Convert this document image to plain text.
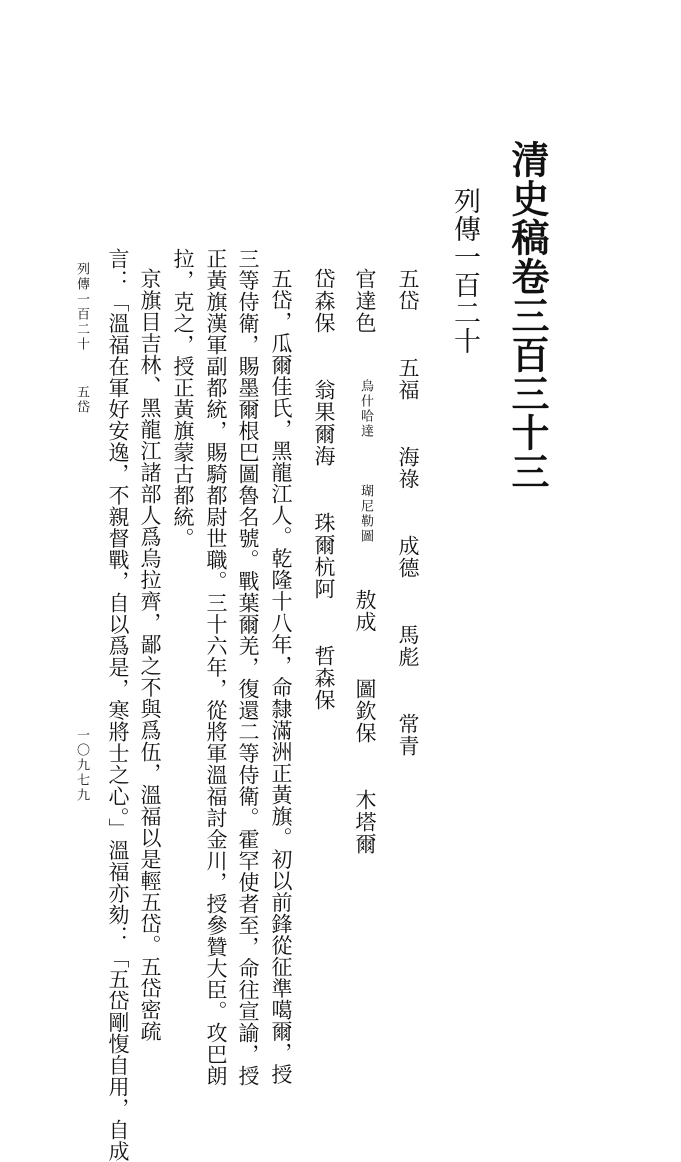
清史稿卷三百三十三
列傳一百二十
五岱 五福 海祿 成德 馬彪 常青
官達色 烏什哈達 瑚尼勒圖 敖成 圖欽保 木塔爾
岱森保 翁果爾海 珠爾杭阿 哲森保
五岱，瓜爾佳氏，黑龍江人。乾隆十八年，命隸滿洲正黃旗。初以前鋒從征準噶爾，授
三等侍衛，賜墨爾根巴圖魯名號。戰葉爾羌，復還二等侍衛。霍罕使者至，命往宣諭，授
正黃旗漢軍副都統，賜騎都尉世職。三十六年，從將軍溫福討金川，授參贊大臣。攻巴朗
拉，克之，授正黃旗蒙古都統。
京旗目吉林、黑龍江諸部人爲烏拉齊，鄙之不與爲伍，溫福以是輕五岱。五岱密疏
言：「溫福在軍好安逸，不親督戰，自以爲是，寒將士之心。」溫福亦劾：「五岱剛愎自用，自成
列傳一百二十 五岱
一〇九七九
